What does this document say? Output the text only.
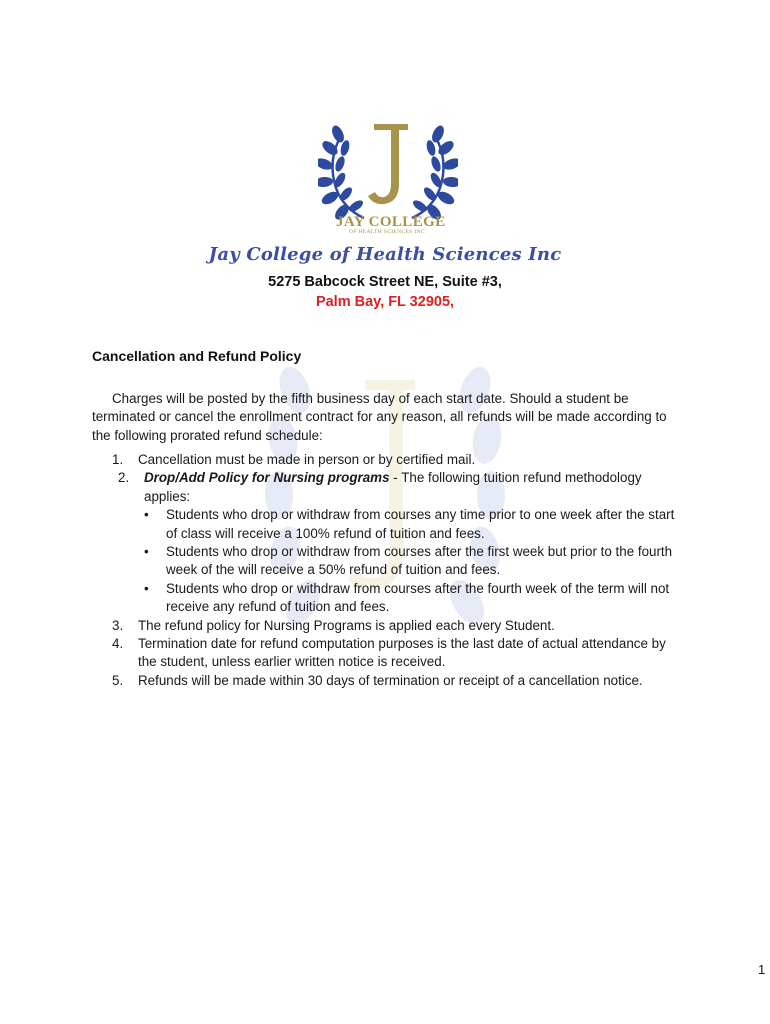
JAY COLLEGE
OF HEALTH SCIENCES INC
Jay College of Health Sciences Inc
5275 Babcock Street NE, Suite #3,
Palm Bay, FL 32905,
Cancellation and Refund Policy
Charges will be posted by the fifth business day of each start date. Should a student be terminated or cancel the enrollment contract for any reason, all refunds will be made according to the following prorated refund schedule:
1. Cancellation must be made in person or by certified mail.
2. Drop/Add Policy for Nursing programs - The following tuition refund methodology applies:
• Students who drop or withdraw from courses any time prior to one week after the start of class will receive a 100% refund of tuition and fees.
• Students who drop or withdraw from courses after the first week but prior to the fourth week of the will receive a 50% refund of tuition and fees.
• Students who drop or withdraw from courses after the fourth week of the term will not receive any refund of tuition and fees.
3. The refund policy for Nursing Programs is applied each every Student.
4. Termination date for refund computation purposes is the last date of actual attendance by the student, unless earlier written notice is received.
5. Refunds will be made within 30 days of termination or receipt of a cancellation notice.
1
